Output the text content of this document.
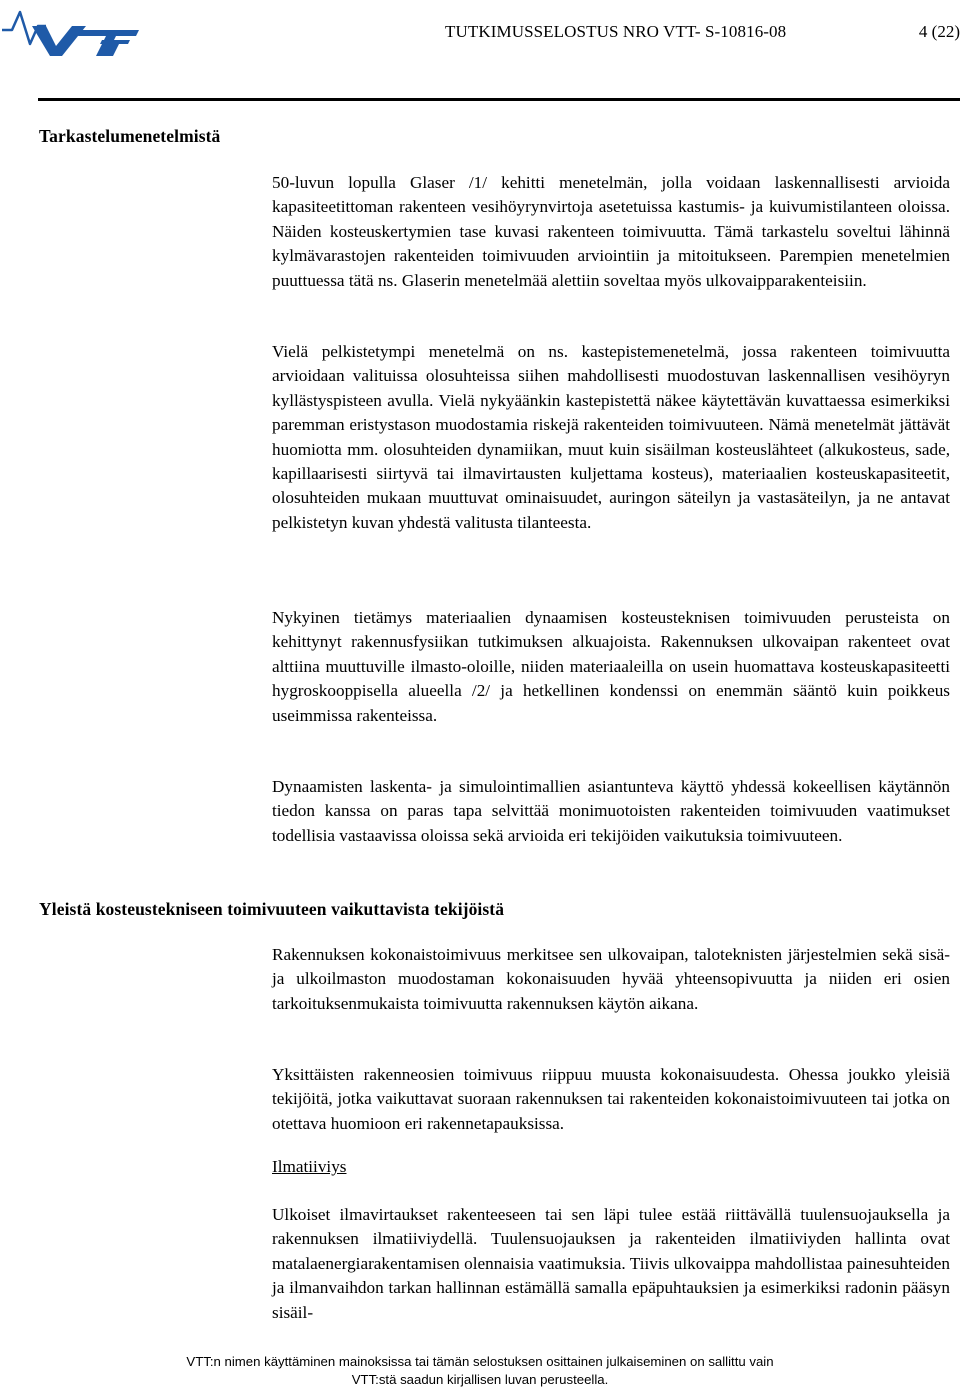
TUTKIMUSSELOSTUS NRO VTT- S-10816-08	4 (22)
Tarkastelumenetelmistä

50-luvun lopulla Glaser /1/ kehitti menetelmän, jolla voidaan laskennallisesti arvioida kapasiteetittoman rakenteen vesihöyrynvirtoja asetetuissa kastumis- ja kuivumistilanteen oloissa. Näiden kosteuskertymien tase kuvasi rakenteen toimivuutta. Tämä tarkastelu soveltui lähinnä kylmävarastojen rakenteiden toimivuuden arviointiin ja mitoitukseen. Parempien menetelmien puuttuessa tätä ns. Glaserin menetelmää alettiin soveltaa myös ulkovaipparakenteisiin.

Vielä pelkistetympi menetelmä on ns. kastepistemenetelmä, jossa rakenteen toimivuutta arvioidaan valituissa olosuhteissa siihen mahdollisesti muodostuvan laskennallisen vesihöyryn kyllästyspisteen avulla. Vielä nykyäänkin kastepistettä näkee käytettävän kuvattaessa esimerkiksi paremman eristystason muodostamia riskejä rakenteiden toimivuuteen. Nämä menetelmät jättävät huomiotta mm. olosuhteiden dynamiikan, muut kuin sisäilman kosteuslähteet (alkukosteus, sade, kapillaarisesti siirtyvä tai ilmavirtausten kuljettama kosteus), materiaalien kosteuskapasiteetit, olosuhteiden mukaan muuttuvat ominaisuudet, auringon säteilyn ja vastasäteilyn, ja ne antavat pelkistetyn kuvan yhdestä valitusta tilanteesta.

Nykyinen tietämys materiaalien dynaamisen kosteusteknisen toimivuuden perusteista on kehittynyt rakennusfysiikan tutkimuksen alkuajoista. Rakennuksen ulkovaipan rakenteet ovat alttiina muuttuville ilmasto-oloille, niiden materiaaleilla on usein huomattava kosteuskapasiteetti hygroskooppisella alueella /2/ ja hetkellinen kondenssi on enemmän sääntö kuin poikkeus useimmissa rakenteissa.

Dynaamisten laskenta- ja simulointimallien asiantunteva käyttö yhdessä kokeellisen käytännön tiedon kanssa on paras tapa selvittää monimuotoisten rakenteiden toimivuuden vaatimukset todellisia vastaavissa oloissa sekä arvioida eri tekijöiden vaikutuksia toimivuuteen.

Yleistä kosteustekniseen toimivuuteen vaikuttavista tekijöistä

Rakennuksen kokonaistoimivuus merkitsee sen ulkovaipan, taloteknisten järjestelmien sekä sisä- ja ulkoilmaston muodostaman kokonaisuuden hyvää yhteensopivuutta ja niiden eri osien tarkoituksenmukaista toimivuutta rakennuksen käytön aikana.

Yksittäisten rakenneosien toimivuus riippuu muusta kokonaisuudesta. Ohessa joukko yleisiä tekijöitä, jotka vaikuttavat suoraan rakennuksen tai rakenteiden kokonaistoimivuuteen tai jotka on otettava huomioon eri rakennetapauksissa.

Ilmatiiviys

Ulkoiset ilmavirtaukset rakenteeseen tai sen läpi tulee estää riittävällä tuulensuojauksella ja rakennuksen ilmatiiviydellä. Tuulensuojauksen ja rakenteiden ilmatiiviyden hallinta ovat matalaenergiarakentamisen olennaisia vaatimuksia. Tiivis ulkovaippa mahdollistaa painesuhteiden ja ilmanvaihdon tarkan hallinnan estämällä samalla epäpuhtauksien ja esimerkiksi radonin pääsyn sisäil-

VTT:n nimen käyttäminen mainoksissa tai tämän selostuksen osittainen julkaiseminen on sallittu vain
VTT:stä saadun kirjallisen luvan perusteella.
